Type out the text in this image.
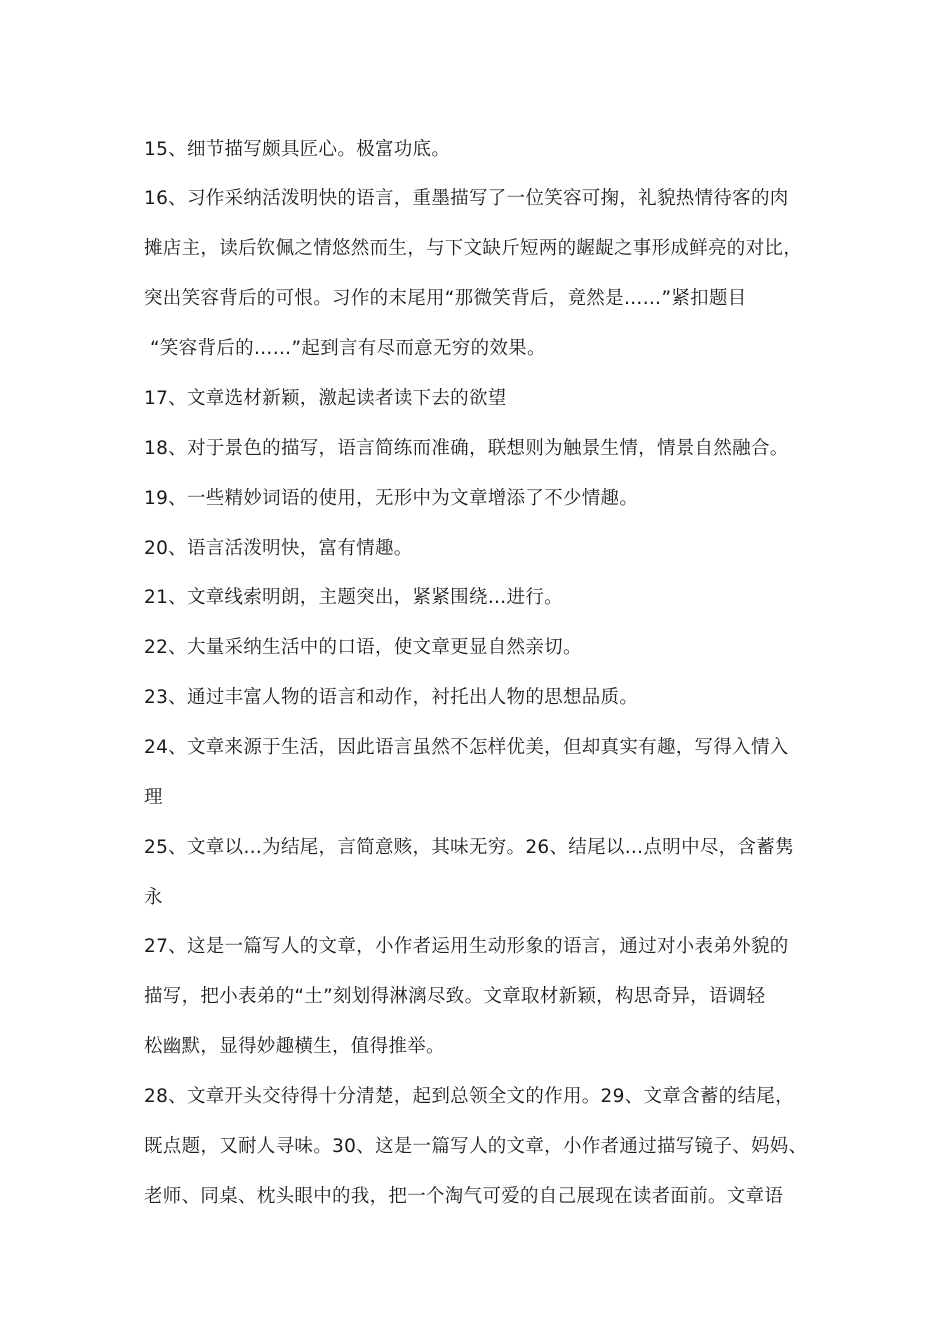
15、细节描写颇具匠心。极富功底。
16、习作采纳活泼明快的语言，重墨描写了一位笑容可掬，礼貌热情待客的肉
摊店主，读后钦佩之情悠然而生，与下文缺斤短两的龌龊之事形成鲜亮的对比，
突出笑容背后的可恨。习作的末尾用“那微笑背后，竟然是……”紧扣题目
“笑容背后的……”起到言有尽而意无穷的效果。
17、文章选材新颖，激起读者读下去的欲望
18、对于景色的描写，语言简练而准确，联想则为触景生情，情景自然融合。
19、一些精妙词语的使用，无形中为文章增添了不少情趣。
20、语言活泼明快，富有情趣。
21、文章线索明朗，主题突出，紧紧围绕…进行。
22、大量采纳生活中的口语，使文章更显自然亲切。
23、通过丰富人物的语言和动作，衬托出人物的思想品质。
24、文章来源于生活，因此语言虽然不怎样优美，但却真实有趣，写得入情入
理
25、文章以…为结尾，言简意赅，其味无穷。26、结尾以…点明中尽，含蓄隽
永
27、这是一篇写人的文章，小作者运用生动形象的语言，通过对小表弟外貌的
描写，把小表弟的“土”刻划得淋漓尽致。文章取材新颖，构思奇异，语调轻
松幽默，显得妙趣横生，值得推举。
28、文章开头交待得十分清楚，起到总领全文的作用。29、文章含蓄的结尾，
既点题，又耐人寻味。30、这是一篇写人的文章，小作者通过描写镜子、妈妈、
老师、同桌、枕头眼中的我，把一个淘气可爱的自己展现在读者面前。文章语
